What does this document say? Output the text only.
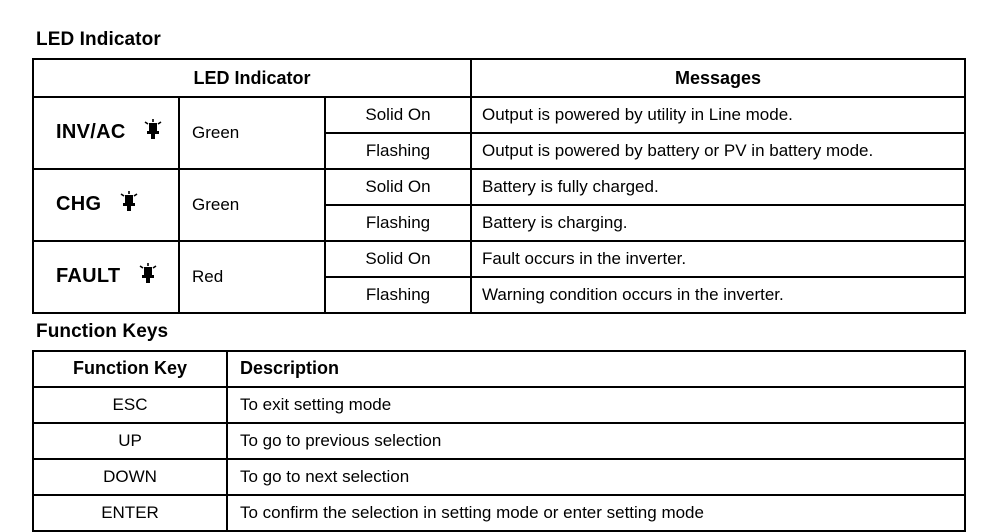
LED Indicator
LED Indicator			Messages
INV/AC	Green	Solid On	Output is powered by utility in Line mode.
		Flashing	Output is powered by battery or PV in battery mode.
CHG	Green	Solid On	Battery is fully charged.
		Flashing	Battery is charging.
FAULT	Red	Solid On	Fault occurs in the inverter.
		Flashing	Warning condition occurs in the inverter.
Function Keys
Function Key	Description
ESC	To exit setting mode
UP	To go to previous selection
DOWN	To go to next selection
ENTER	To confirm the selection in setting mode or enter setting mode
